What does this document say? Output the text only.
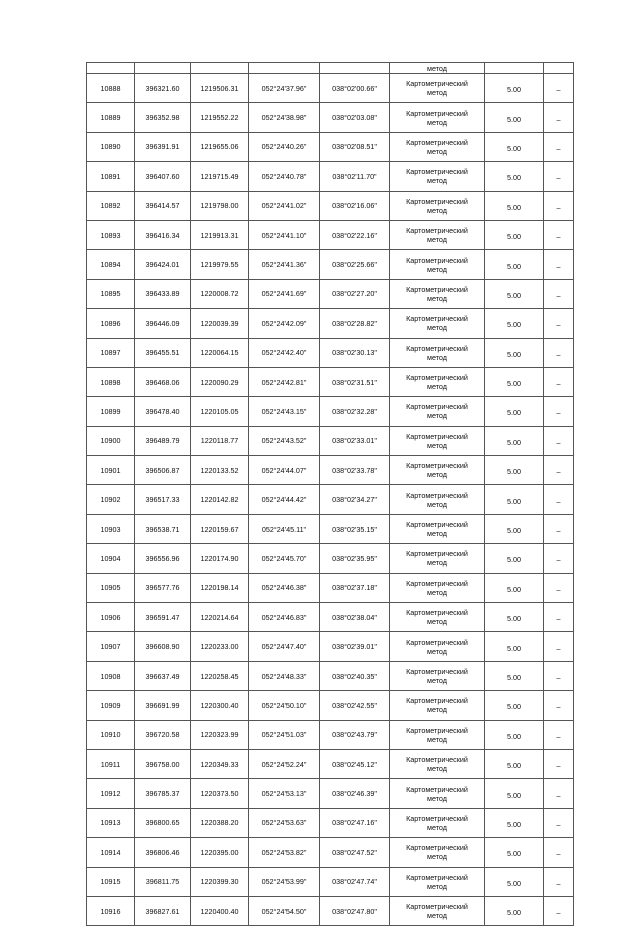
					метод		
10888	396321.60	1219506.31	052°24'37.96"	038°02'00.66"	Картометрический
метод	5.00	–
10889	396352.98	1219552.22	052°24'38.98"	038°02'03.08"	Картометрический
метод	5.00	–
10890	396391.91	1219655.06	052°24'40.26"	038°02'08.51"	Картометрический
метод	5.00	–
10891	396407.60	1219715.49	052°24'40.78"	038°02'11.70"	Картометрический
метод	5.00	–
10892	396414.57	1219798.00	052°24'41.02"	038°02'16.06"	Картометрический
метод	5.00	–
10893	396416.34	1219913.31	052°24'41.10"	038°02'22.16"	Картометрический
метод	5.00	–
10894	396424.01	1219979.55	052°24'41.36"	038°02'25.66"	Картометрический
метод	5.00	–
10895	396433.89	1220008.72	052°24'41.69"	038°02'27.20"	Картометрический
метод	5.00	–
10896	396446.09	1220039.39	052°24'42.09"	038°02'28.82"	Картометрический
метод	5.00	–
10897	396455.51	1220064.15	052°24'42.40"	038°02'30.13"	Картометрический
метод	5.00	–
10898	396468.06	1220090.29	052°24'42.81"	038°02'31.51"	Картометрический
метод	5.00	–
10899	396478.40	1220105.05	052°24'43.15"	038°02'32.28"	Картометрический
метод	5.00	–
10900	396489.79	1220118.77	052°24'43.52"	038°02'33.01"	Картометрический
метод	5.00	–
10901	396506.87	1220133.52	052°24'44.07"	038°02'33.78"	Картометрический
метод	5.00	–
10902	396517.33	1220142.82	052°24'44.42"	038°02'34.27"	Картометрический
метод	5.00	–
10903	396538.71	1220159.67	052°24'45.11"	038°02'35.15"	Картометрический
метод	5.00	–
10904	396556.96	1220174.90	052°24'45.70"	038°02'35.95"	Картометрический
метод	5.00	–
10905	396577.76	1220198.14	052°24'46.38"	038°02'37.18"	Картометрический
метод	5.00	–
10906	396591.47	1220214.64	052°24'46.83"	038°02'38.04"	Картометрический
метод	5.00	–
10907	396608.90	1220233.00	052°24'47.40"	038°02'39.01"	Картометрический
метод	5.00	–
10908	396637.49	1220258.45	052°24'48.33"	038°02'40.35"	Картометрический
метод	5.00	–
10909	396691.99	1220300.40	052°24'50.10"	038°02'42.55"	Картометрический
метод	5.00	–
10910	396720.58	1220323.99	052°24'51.03"	038°02'43.79"	Картометрический
метод	5.00	–
10911	396758.00	1220349.33	052°24'52.24"	038°02'45.12"	Картометрический
метод	5.00	–
10912	396785.37	1220373.50	052°24'53.13"	038°02'46.39"	Картометрический
метод	5.00	–
10913	396800.65	1220388.20	052°24'53.63"	038°02'47.16"	Картометрический
метод	5.00	–
10914	396806.46	1220395.00	052°24'53.82"	038°02'47.52"	Картометрический
метод	5.00	–
10915	396811.75	1220399.30	052°24'53.99"	038°02'47.74"	Картометрический
метод	5.00	–
10916	396827.61	1220400.40	052°24'54.50"	038°02'47.80"	Картометрический
метод	5.00	–
